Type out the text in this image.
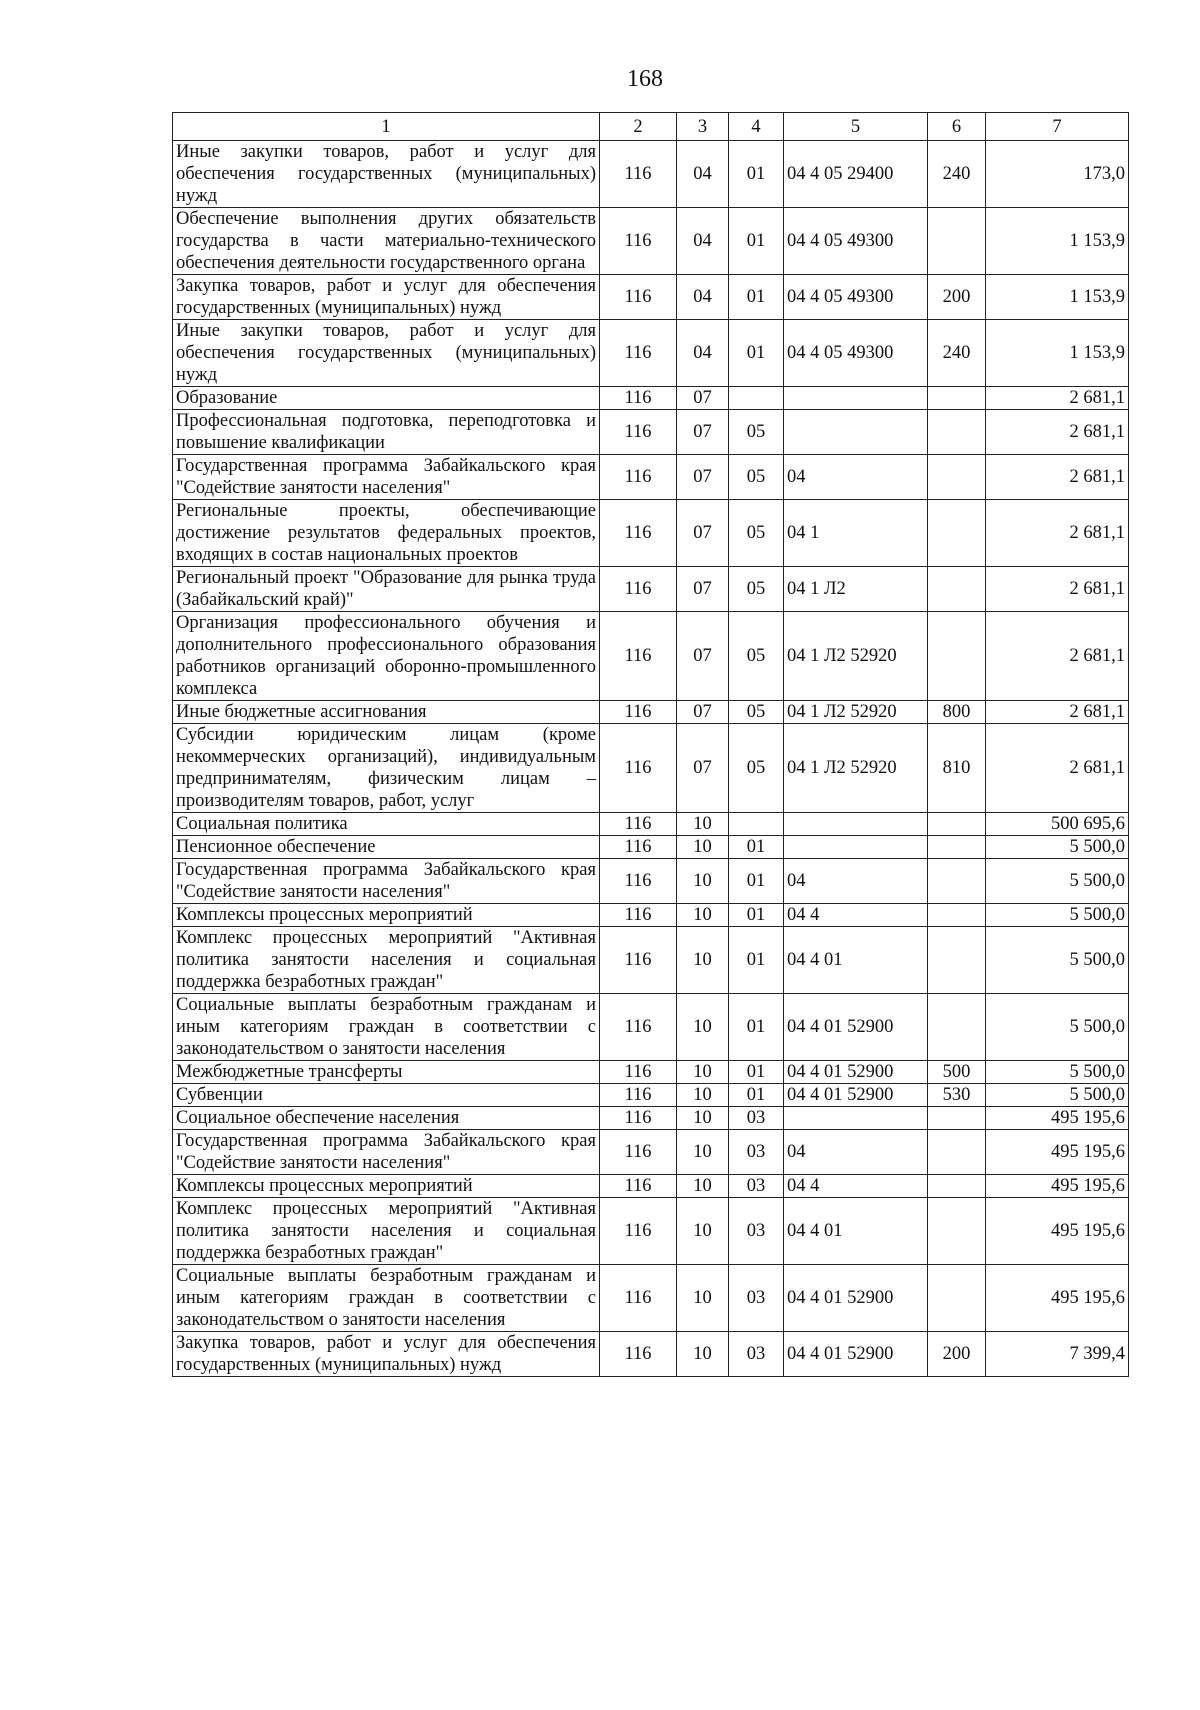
168
1	2	3	4	5	6	7
Иные закупки товаров, работ и услуг для обеспечения государственных (муниципальных) нужд	116	04	01	04 4 05 29400	240	173,0
Обеспечение выполнения других обязательств государства в части материально-технического обеспечения деятельности государственного органа	116	04	01	04 4 05 49300		1 153,9
Закупка товаров, работ и услуг для обеспечения государственных (муниципальных) нужд	116	04	01	04 4 05 49300	200	1 153,9
Иные закупки товаров, работ и услуг для обеспечения государственных (муниципальных) нужд	116	04	01	04 4 05 49300	240	1 153,9
Образование	116	07				2 681,1
Профессиональная подготовка, переподготовка и повышение квалификации	116	07	05			2 681,1
Государственная программа Забайкальского края "Содействие занятости населения"	116	07	05	04		2 681,1
Региональные проекты, обеспечивающие достижение результатов федеральных проектов, входящих в состав национальных проектов	116	07	05	04 1		2 681,1
Региональный проект "Образование для рынка труда (Забайкальский край)"	116	07	05	04 1 Л2		2 681,1
Организация профессионального обучения и дополнительного профессионального образования работников организаций оборонно-промышленного комплекса	116	07	05	04 1 Л2 52920		2 681,1
Иные бюджетные ассигнования	116	07	05	04 1 Л2 52920	800	2 681,1
Субсидии юридическим лицам (кроме некоммерческих организаций), индивидуальным предпринимателям, физическим лицам – производителям товаров, работ, услуг	116	07	05	04 1 Л2 52920	810	2 681,1
Социальная политика	116	10				500 695,6
Пенсионное обеспечение	116	10	01			5 500,0
Государственная программа Забайкальского края "Содействие занятости населения"	116	10	01	04		5 500,0
Комплексы процессных мероприятий	116	10	01	04 4		5 500,0
Комплекс процессных мероприятий "Активная политика занятости населения и социальная поддержка безработных граждан"	116	10	01	04 4 01		5 500,0
Социальные выплаты безработным гражданам и иным категориям граждан в соответствии с законодательством о занятости населения	116	10	01	04 4 01 52900		5 500,0
Межбюджетные трансферты	116	10	01	04 4 01 52900	500	5 500,0
Субвенции	116	10	01	04 4 01 52900	530	5 500,0
Социальное обеспечение населения	116	10	03			495 195,6
Государственная программа Забайкальского края "Содействие занятости населения"	116	10	03	04		495 195,6
Комплексы процессных мероприятий	116	10	03	04 4		495 195,6
Комплекс процессных мероприятий "Активная политика занятости населения и социальная поддержка безработных граждан"	116	10	03	04 4 01		495 195,6
Социальные выплаты безработным гражданам и иным категориям граждан в соответствии с законодательством о занятости населения	116	10	03	04 4 01 52900		495 195,6
Закупка товаров, работ и услуг для обеспечения государственных (муниципальных) нужд	116	10	03	04 4 01 52900	200	7 399,4
